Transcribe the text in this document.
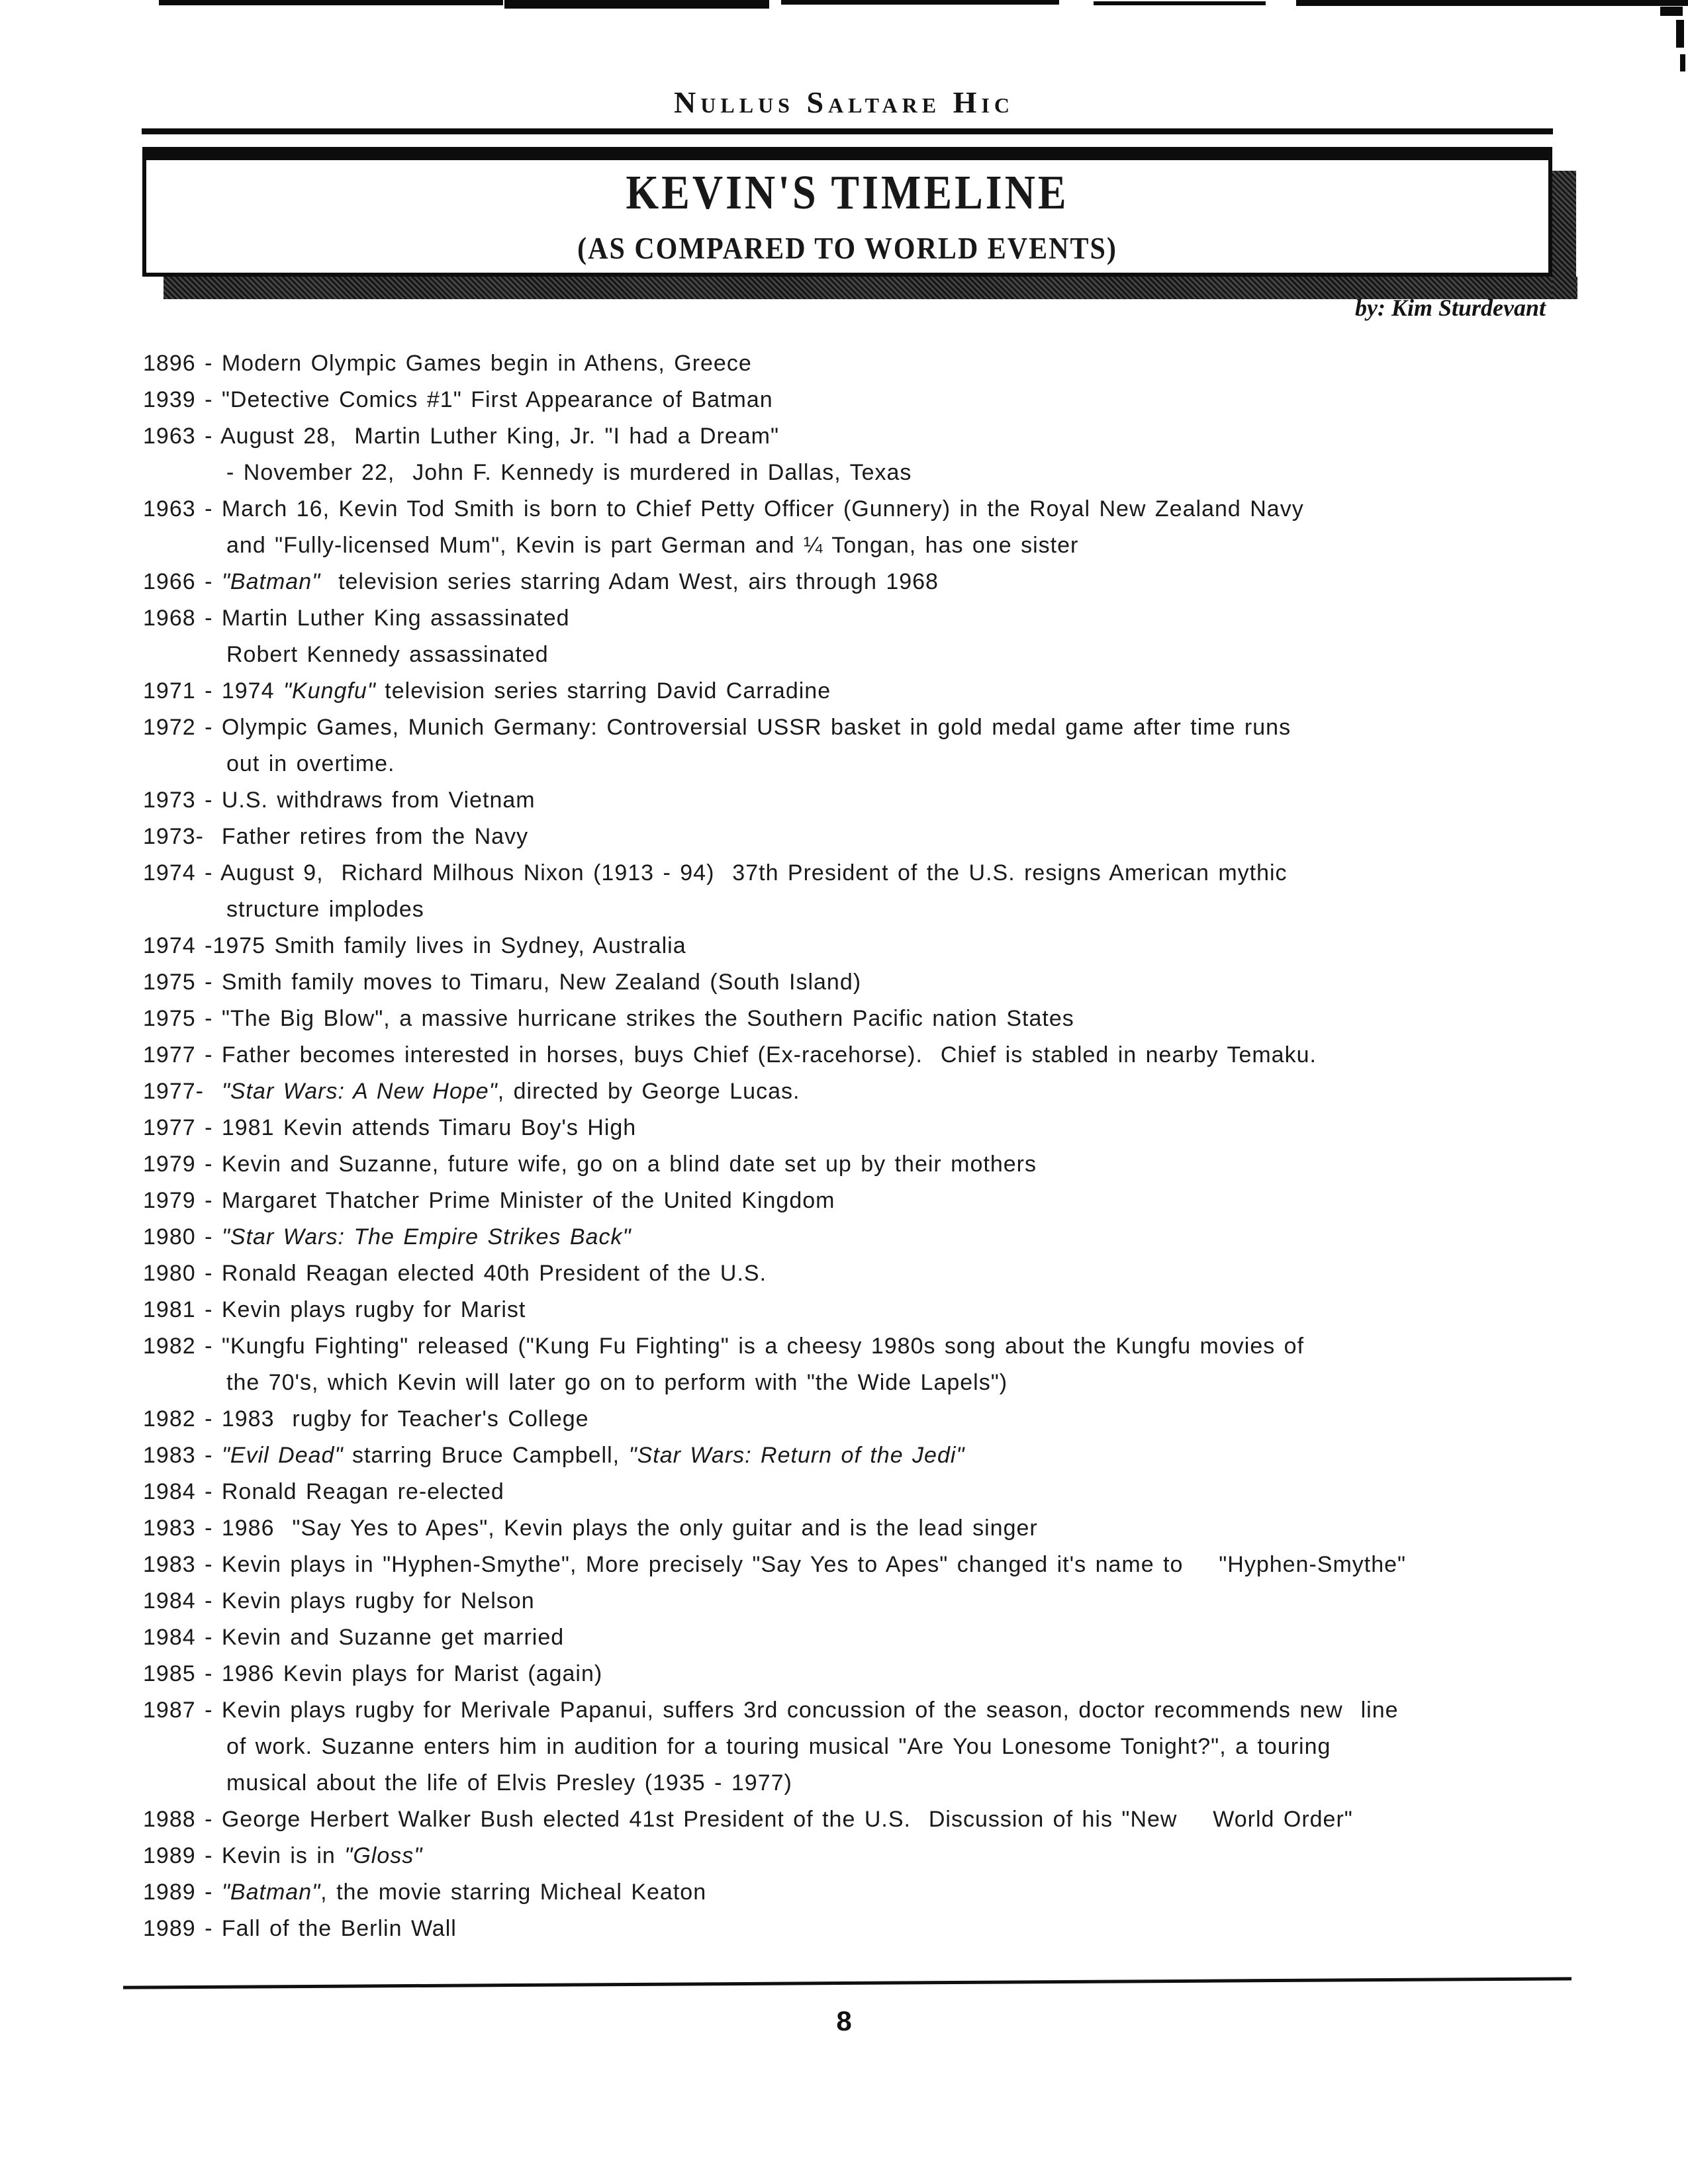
Nullus Saltare Hic
KEVIN'S TIMELINE
(AS COMPARED TO WORLD EVENTS)
by: Kim Sturdevant
1896 - Modern Olympic Games begin in Athens, Greece
1939 - "Detective Comics #1" First Appearance of Batman
1963 - August 28,  Martin Luther King, Jr. "I had a Dream"
- November 22,  John F. Kennedy is murdered in Dallas, Texas
1963 - March 16, Kevin Tod Smith is born to Chief Petty Officer (Gunnery) in the Royal New Zealand Navy
and "Fully-licensed Mum", Kevin is part German and ¼ Tongan, has one sister
1966 - "Batman"  television series starring Adam West, airs through 1968
1968 - Martin Luther King assassinated
Robert Kennedy assassinated
1971 - 1974 "Kungfu" television series starring David Carradine
1972 - Olympic Games, Munich Germany: Controversial USSR basket in gold medal game after time runs
out in overtime.
1973 - U.S. withdraws from Vietnam
1973-  Father retires from the Navy
1974 - August 9,  Richard Milhous Nixon (1913 - 94)  37th President of the U.S. resigns American mythic
structure implodes
1974 -1975 Smith family lives in Sydney, Australia
1975 - Smith family moves to Timaru, New Zealand (South Island)
1975 - "The Big Blow", a massive hurricane strikes the Southern Pacific nation States
1977 - Father becomes interested in horses, buys Chief (Ex-racehorse).  Chief is stabled in nearby Temaku.
1977-  "Star Wars: A New Hope", directed by George Lucas.
1977 - 1981 Kevin attends Timaru Boy's High
1979 - Kevin and Suzanne, future wife, go on a blind date set up by their mothers
1979 - Margaret Thatcher Prime Minister of the United Kingdom
1980 - "Star Wars: The Empire Strikes Back"
1980 - Ronald Reagan elected 40th President of the U.S.
1981 - Kevin plays rugby for Marist
1982 - "Kungfu Fighting" released ("Kung Fu Fighting" is a cheesy 1980s song about the Kungfu movies of
the 70's, which Kevin will later go on to perform with "the Wide Lapels")
1982 - 1983  rugby for Teacher's College
1983 - "Evil Dead" starring Bruce Campbell, "Star Wars: Return of the Jedi"
1984 - Ronald Reagan re-elected
1983 - 1986  "Say Yes to Apes", Kevin plays the only guitar and is the lead singer
1983 - Kevin plays in "Hyphen-Smythe", More precisely "Say Yes to Apes" changed it's name to    "Hyphen-Smythe"
1984 - Kevin plays rugby for Nelson
1984 - Kevin and Suzanne get married
1985 - 1986 Kevin plays for Marist (again)
1987 - Kevin plays rugby for Merivale Papanui, suffers 3rd concussion of the season, doctor recommends new  line
of work. Suzanne enters him in audition for a touring musical "Are You Lonesome Tonight?", a touring
musical about the life of Elvis Presley (1935 - 1977)
1988 - George Herbert Walker Bush elected 41st President of the U.S.  Discussion of his "New    World Order"
1989 - Kevin is in "Gloss"
1989 - "Batman", the movie starring Micheal Keaton
1989 - Fall of the Berlin Wall
8
